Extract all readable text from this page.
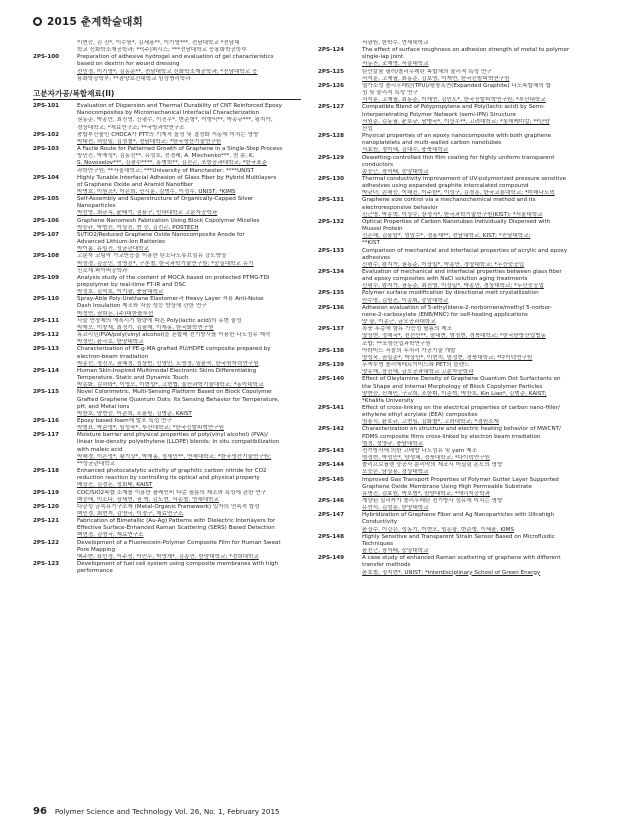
2015 춘계학술대회
이현승, 김 진*, 이수원*, 김세용**, 이기영***, 전남대학교 *전남대
학교 신화학소재공학과; **(주)퍼시스; ***전남대학교 응용화학공학부
2PS-100	Preparation of adhesive hydrogel and evaluation of gel characteristics
based on dextrin for wound dressing
전민정, 이기영*, 김동운**, 전남대학교 신화학소재공학과; *전남대학교 응
용화학공학부; **광양보건대학교 임상병리학과
고분자가공/복합재료(II)
2PS-101	Evaluation of Dispersion and Thermal Durability of CNT Reinforced Epoxy
Nanocomposites by Micromechanical Interfacial Characterization
권동준, 박종만, 최진영, 신평수, 이진우*, 변준형*, 이형익**, 박종규***, 왕지가,
경상대학교; *재료연구소; **국방과학연구소
2PS-102	충합부산물인 CHDCA가 PTT의 기계적 물성 및 결정화 거동에 미치는 영향
박대선, 허암일, 김정철*, 전남대학교; *한국생산기술연구원
2PS-103	A Facile Route for Patterned Growth of Graphene in a Single-Step Process
방민진, 박재성*, 김동진**, 유성호, 전경래, A. Mischenko***, 천 송, K.
S. Novoselov***, 김광수****, 홍병희**, 김진곤, 포항공과대학교; *한국표준
과학연구원; **서울대학교; ***University of Manchester; ****UNIST
2PS-104	Highly Tunable Interfacial Adhesion of Glass Fiber by Hybrid Multilayers
of Graphene Oxide and Aramid Nanofiber
박병호, 이원오*, 이은희, 민시훈, 김병수, 이정수, UNIST; *KIMS
2PS-105	Self-Assembly and Superstructure of Organically-Capped Silver
Nanoparticles
박선영, 최규옥, 윤태기, 권용구, 인하대학교 고분자공학과
2PS-106	Graphene Nanomesh Fabrication Using Block Copolymer Micelles
박승규, 박범진, 이상진, 현 승, 김진곤, POSTECH
2PS-107	Si/TiO2/Reduced Graphene Oxide Nanocomposite Anode for
Advanced Lithium-Ion Batteries
박이룸, 유일진, 성균관대학교
2PS-108	고분자 코팅막 가교반응을 이용한 탄소나노튜브섬유 강도향상
박정경, 김승민, 정영진*, 구본철, 한국과학기술연구원; *숭실대학교 유기
신소재.파이버공학과
2PS-109	Analysis study of the content of MOCA based on protected PTMG-TDI
prepolymer by real-time FT-IR and DSC
박정호, 김석호, 이기광, 충남대학교
2PS-110	Spray-Able Poly-Urethane Elastomer과 Heavy Layer 적용 Anti-Noise
Dash Insulation 제조와 차음 성능 향상에 관한 연구
박정연, 권희돈, (주)대한솔루션
2PS-111	사슬 연장제의 에폭시기 함량에 따른 Poly(lactic acid)의 유변 물성
박재오, 이창재, 최정기, 김필재, 이재홍, 한국화학연구원
2PS-112	휴코리딘/PVA/poly(vinyl alcohol)을 혼합해 전기방사를 이용한 나노섬유 제작
박정민, 윤극로, 한양대학교
2PS-113	Characterization of PE-g-MA grafted PU/HDPE composite prepared by
electron-beam irradiation
박종선, 정진오, 권혜정, 정상빈, 신영민, 노영정, 임윤묵, 한국원자력연구원
2PS-114	Human Skin-Inspired Multimodal Electronic Skins Differentiating
Temperature, Static and Dynamic Touch
박종화, 김하라*, 이영오, 이현성*, 고현협, 울산과학기술대학교; *동아대학교
2PS-115	Novel Colorimetric, Multi-Sensing Platform Based on Block Copolymer
Grafted Graphene Quantum Dots: Its Sensing Behavior for Temperature,
pH, and Metal Ions
박찬호, 양현승, 이준희, 조흥원, 김병준, KAIST
2PS-116	Epoxy based foam에 발포 특성 연구
박형표, 박준영*, 임성욱*, 부산대학교; *한국신발피혁연구원
2PS-117	Moisture barrier and physical properties of poly(vinyl alcohol) (PVA)/
linear low-density polyethylene (LLDPE) blends: In situ compatibilization
with maleic acid
박해경, 이은영*, 황기상*, 박재홍, 정세민**, 연세대학교; *한국생산기술연구원;
**성균관대학교
2PS-118	Enhanced photocatalytic activity of graphitic carbon nitride for CO2
reduction reaction by controlling its optical and physical property
배상진, 김경돈, 정회태, KAIST
2PS-119	COC/SiO2복합 소재를 이용한 플레인비 다층 필름의 제조와 특성에 관한 연구
백승해, 이소나, 장세연, 권 혁, 김도현, 서종철, 연세대학교
2PS-120	다공성 금속유기구조체 (Metal-Organic Framework) 입자의 연속적 합성
백민경, 최현지, 김영국, 이정구, 재료연구소
2PS-121	Fabrication of Bimetallic (Au-Ag) Patterns with Dielectric Interlayers for
Effective Surface-Enhanced Raman Scattering (SERS) Based Detection
백연경, 김영국, 재료연구소
2PS-122	Development of a Fluorescein-Polymer Composite Film for Human Sweat
Pore Mapping
백주현, 표민경, 이주성, 이민우, 박영재*, 김종만, 한양대학교; *경희대학교
2PS-123	Development of fuel cell system using composite membranes with high
performance
서광원, 한학수, 연세대학교
2PS-124	The effect of surface roughness on adhesion strength of metal to polymer
single-lap joint
서동진, 조재영, 서울대학교
2PS-125	탄산칼슘 필러/폴리우레탄 복합체의 물리적 특성 연구
서석훈, 고재필, 최동준, 김보영, 이재연, 한국신발피혁연구원
2PS-126	열가소성 폴리우레탄(TPU)/팽창흑연(Expanded Graphite) 나노복합체의 합
성 및 물리적 특성 연구
서석훈, 고재필, 최동준, 이재연, 김민도*, 한국신발피혁연구원; *부산대학교
2PS-127	Compatible Blend of Polypropylene and Poly(lactic acid) by Semi-
Interpenetrating Polymer Network (semi-IPN) Structure
서원준, 김동필, 윤호규, 남병국*, 이상우**, 고려대학교; *롯데케미칼; **단양
산업
2PS-128	Physical properties of an epoxy nanocomposite with both graphene
nanoplatelets and multi-walled carbon nanotubes
서효원, 정미혜, 김대수, 충북대학교
2PS-129	Dewetting-controlled thin film coating for highly uniform transparent
conductors
송승근, 장석태, 중앙대학교
2PS-130	Thermal conductivity improvement of UV-polymerized pressure sensitive
adhesives using expanded graphite intercalated compound
박규녀, 손해승, 이해진, 이주한*, 이성구, 김경훈, 한국교통대학교; *미래나노텍
2PS-131	Graphene size control via a mechanochemical method and its
electroresponsive behavior
신근영, 박종혁, 이상수, 장정식*, 한국과학기술연구원(KIST); *서울대학교
2PS-132	Optical Properties of Carbon Nanotubes Individually Dispersed with
Mussel Protein
신은해, 김융암*, 엄암수*, 정용재**, 전남대학교, KIST; *전남대학교;
**KIST
2PS-133	Comparison of mechanical and interfacial properties of acrylic and epoxy
adhesives
신평수, 왕지가, 권동준, 이상일*, 박종만, 경상대학교; *두산중공업
2PS-134	Evaluation of mechanical and interfacial properties between glass fiber
and epoxy composites with NaCl solution aging treatments
신평수, 왕지가, 권동준, 최진영, 이상일*, 박종만, 경상대학교; *두산중공업
2PS-135	Polymer surface modification by directional melt crystallization
안수영, 김원진, 이종휘, 중앙대학교
2PS-136	Adhesion evaluation of 5-ethylidene-2-norbornene/methyl 5-norbor-
nene-2-carboxylate (ENB/MNC) for self-healing applications
양 광, 이종근, 금오공과대학교
2PS-137	폭풍 후층에 함유 가능성 필름의 제조
양상현, 정해국*, 전선민**, 장대현, 염정현, 경북대학교; *한국한방산업협동
조합; **포항산업과학연구원
2PS-138	아라미드 직물의 후처리 가공기술 개발
양성욱, 권일준*, 박상민*, 이현지, 염정현, 경북대학교; *다이텍연구원
2PS-139	무색투명 폴리에테르이미드와 PET의 블렌드
양유재, 장진해, 금오공과대학교 고분자공학과
2PS-140	Effect of Oleylamine Density of Graphene Quantum Dot Surfactants on
the Shape and Internal Morphology of Block Copolymer Particles
양현승, 신재민, 구교희, 조한휘, 이준혁, 박찬호, Kin Liao*, 김범준, KAIST;
*Khalifa University
2PS-141	Effect of cross-linking on the electrical properties of carbon nano-filler/
ethylene ethyl acrylate (EEA) composites
엄용식, 윤호규, 고현임, 김화철*, 고려대학교; *경원소재
2PS-142	Characterization on structure and electric heating behavior of MWCNT/
PDMS composite films cross-linked by electron beam irradiation
염정, 정영규, 충남대학교
2PS-143	전기방사에 의한 고배향 나노섬유 및 yarn 제조
염정현, 박성민*, 양성혜, 경북대학교; *다이텍연구원
2PS-144	폴리프로필렌 중공사 분리막의 제조시 어닐링 온도의 영향
오승은, 남상용, 경상대학교
2PS-145	Improved Gas Transport Properties of Polymer Gutter Layer Supported
Graphene Oxide Membrane Using High Permeable Substrate
유명진, 김효원, 박호범*, 한양대학교; *에너지공학과
2PS-146	계량된 실리카가 폴리우레탄 전기방사 섬유에 미치는 영향
유연석, 김성훈, 한양대학교
2PS-147	Hybridization of Graphene Fiber and Ag Nanoparticles with Ultrahigh
Conductivity
윤상수, 이강은, 성동기, 이현오, 엄문광, 변준형, 이세윤, KIMS
2PS-148	Highly Sensitive and Transparent Strain Sensor Based on Microfluidic
Techniques
윤선근, 장석태, 중앙대학교
2PS-149	A case study of enhanced Raman scattering of graphene with different
transfer methods
윤호철, 정지현*, UNIST; *Interdisciplinary School of Green Energy
96 Polymer Science and Technology Vol. 26, No. 1, February 2015
